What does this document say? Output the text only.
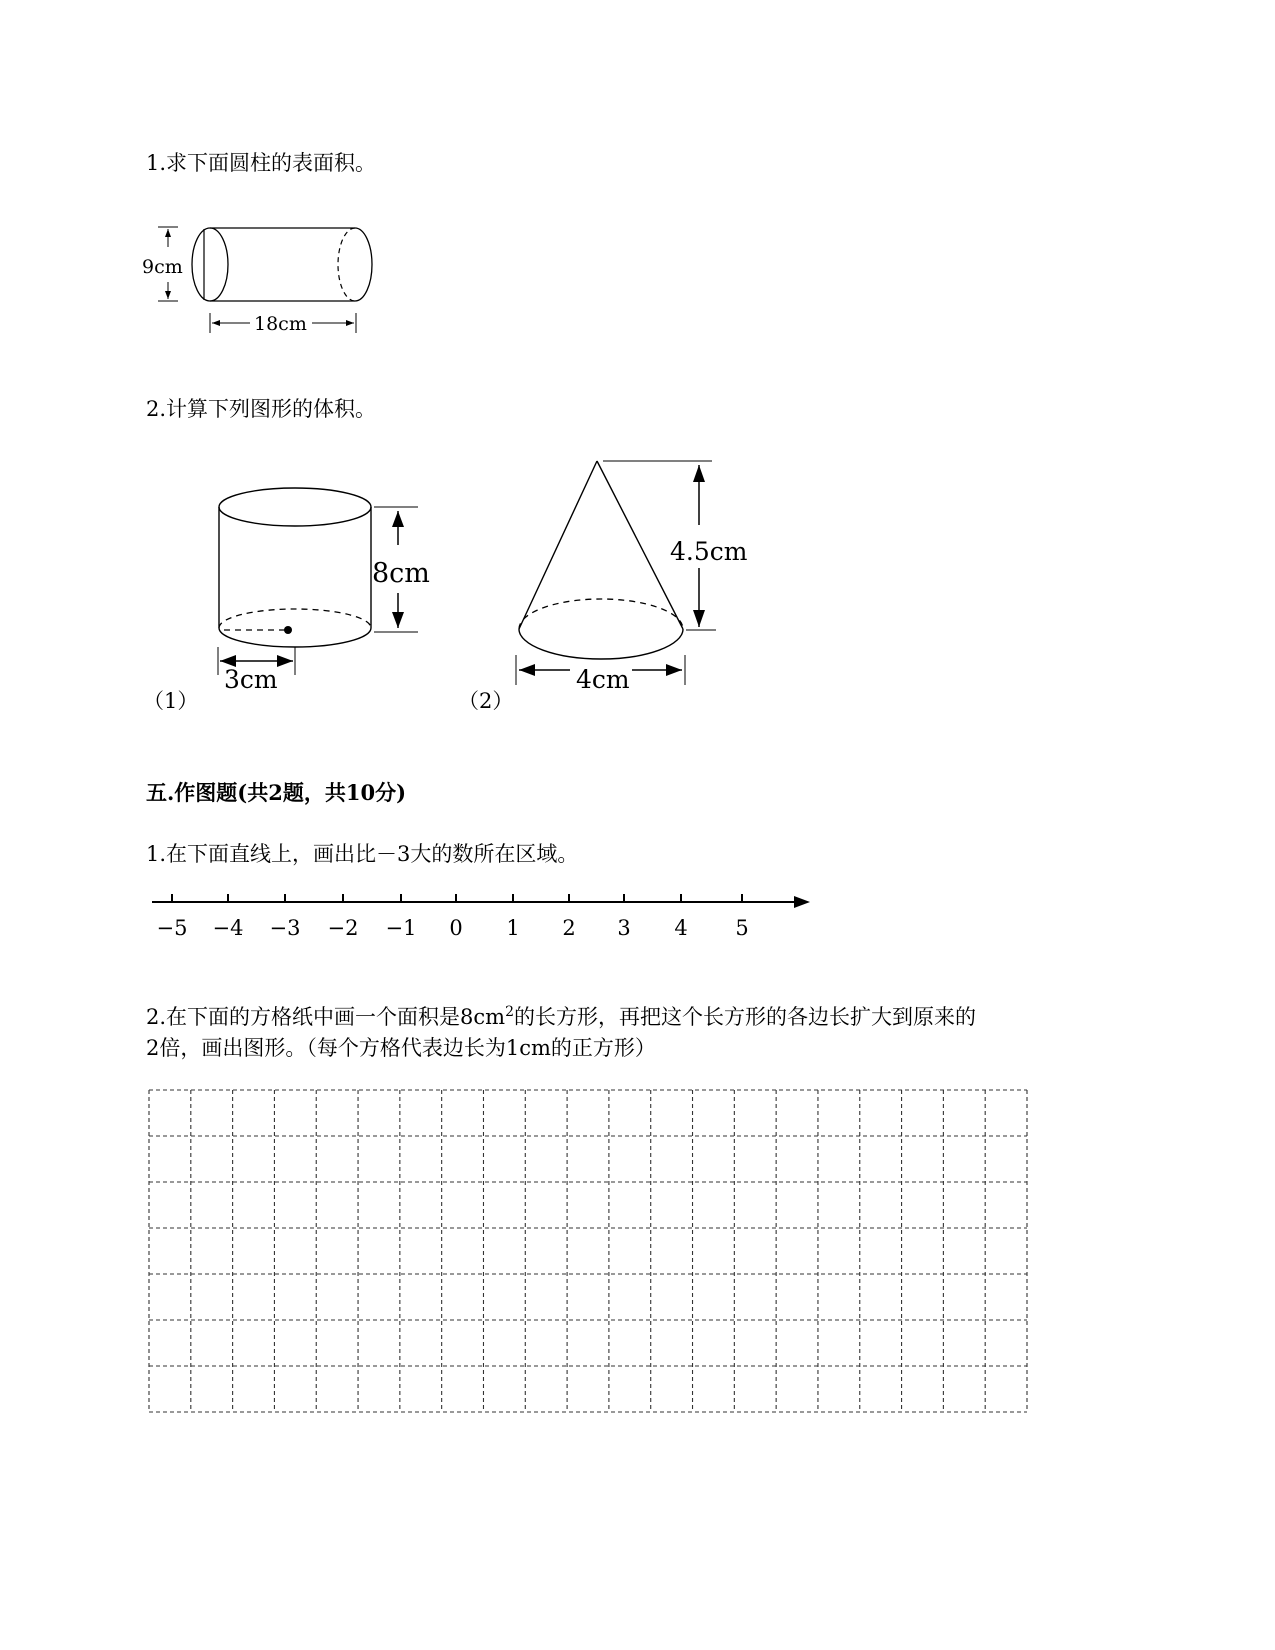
1.求下面圆柱的表面积。
9cm
18cm
2.计算下列图形的体积。
8cm
3cm
（1）
4.5cm
4cm
（2）
五.作图题(共2题，共10分)
1.在下面直线上，画出比－3大的数所在区域。
−5 −4 −3 −2 −1 0 1 2 3 4 5
2.在下面的方格纸中画一个面积是$8cm^2$的长方形，再把这个长方形的各边长扩大到原来的
2倍，画出图形。（每个方格代表边长为1cm的正方形）
